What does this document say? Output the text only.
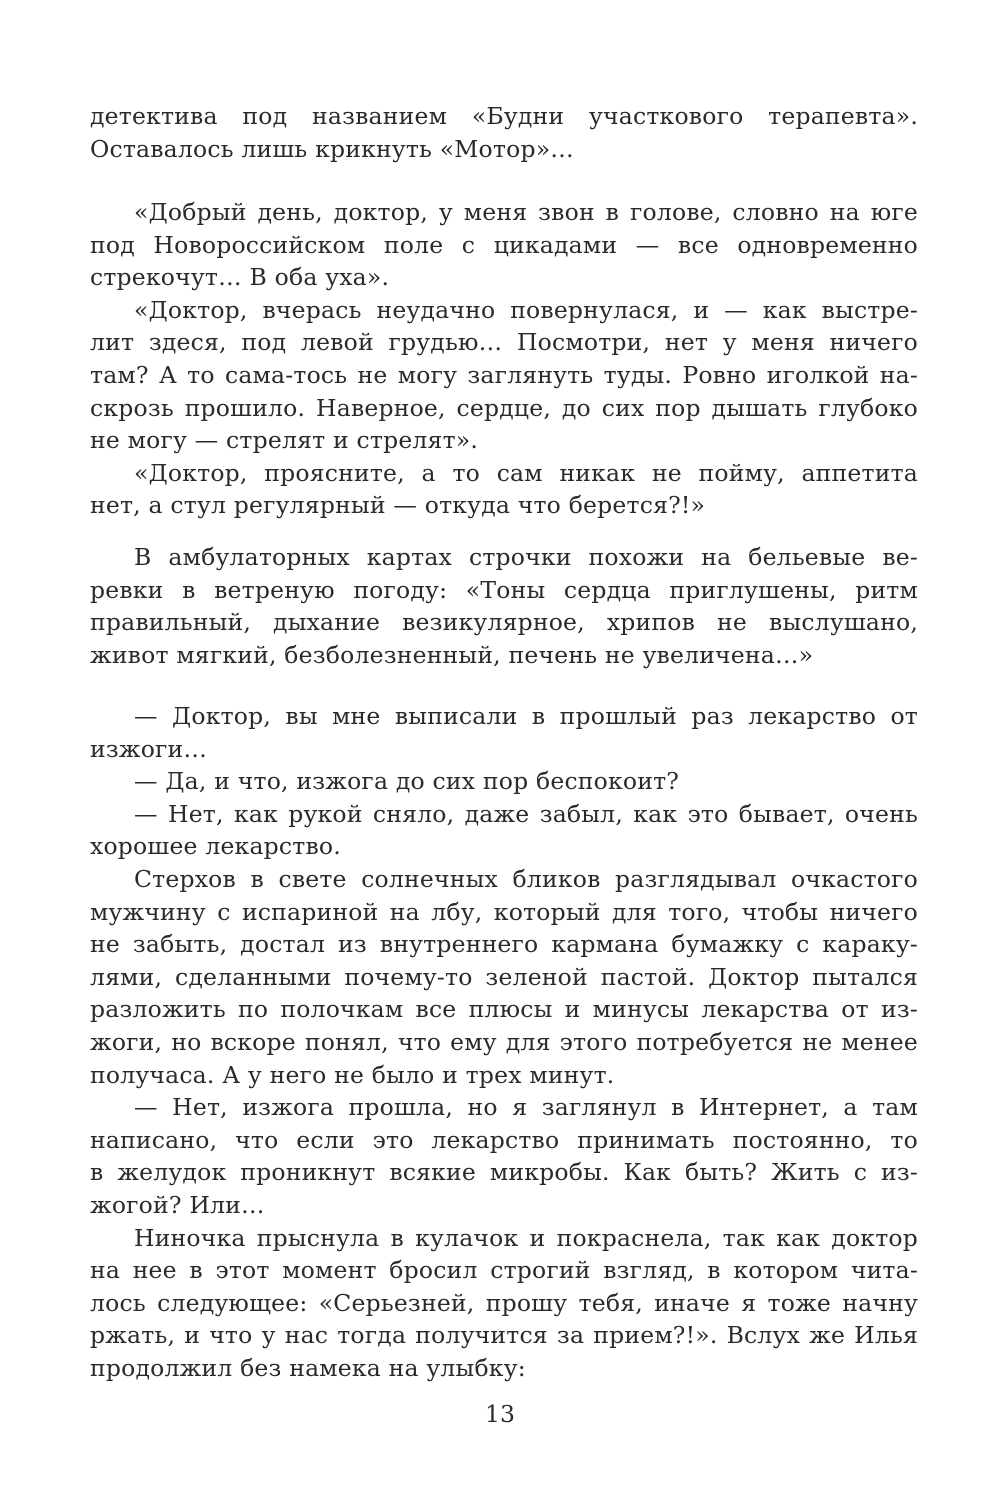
детектива под названием «Будни участкового терапевта».
Оставалось лишь крикнуть «Мотор»…
«Добрый день, доктор, у меня звон в голове, словно на юге
под Новороссийском поле с цикадами — все одновременно
стрекочут… В оба уха».
«Доктор, вчерась неудачно повернулася, и — как выстре-
лит здеся, под левой грудью… Посмотри, нет у меня ничего
там? А то сама-тось не могу заглянуть туды. Ровно иголкой на-
скрозь прошило. Наверное, сердце, до сих пор дышать глубоко
не могу — стрелят и стрелят».
«Доктор, проясните, а то сам никак не пойму, аппетита
нет, а стул регулярный — откуда что берется?!»
В амбулаторных картах строчки похожи на бельевые ве-
ревки в ветреную погоду: «Тоны сердца приглушены, ритм
правильный, дыхание везикулярное, хрипов не выслушано,
живот мягкий, безболезненный, печень не увеличена…»
— Доктор, вы мне выписали в прошлый раз лекарство от
изжоги…
— Да, и что, изжога до сих пор беспокоит?
— Нет, как рукой сняло, даже забыл, как это бывает, очень
хорошее лекарство.
Стерхов в свете солнечных бликов разглядывал очкастого
мужчину с испариной на лбу, который для того, чтобы ничего
не забыть, достал из внутреннего кармана бумажку с караку-
лями, сделанными почему-то зеленой пастой. Доктор пытался
разложить по полочкам все плюсы и минусы лекарства от из-
жоги, но вскоре понял, что ему для этого потребуется не менее
получаса. А у него не было и трех минут.
— Нет, изжога прошла, но я заглянул в Интернет, а там
написано, что если это лекарство принимать постоянно, то
в желудок проникнут всякие микробы. Как быть? Жить с из-
жогой? Или…
Ниночка прыснула в кулачок и покраснела, так как доктор
на нее в этот момент бросил строгий взгляд, в котором чита-
лось следующее: «Серьезней, прошу тебя, иначе я тоже начну
ржать, и что у нас тогда получится за прием?!». Вслух же Илья
продолжил без намека на улыбку:
13
